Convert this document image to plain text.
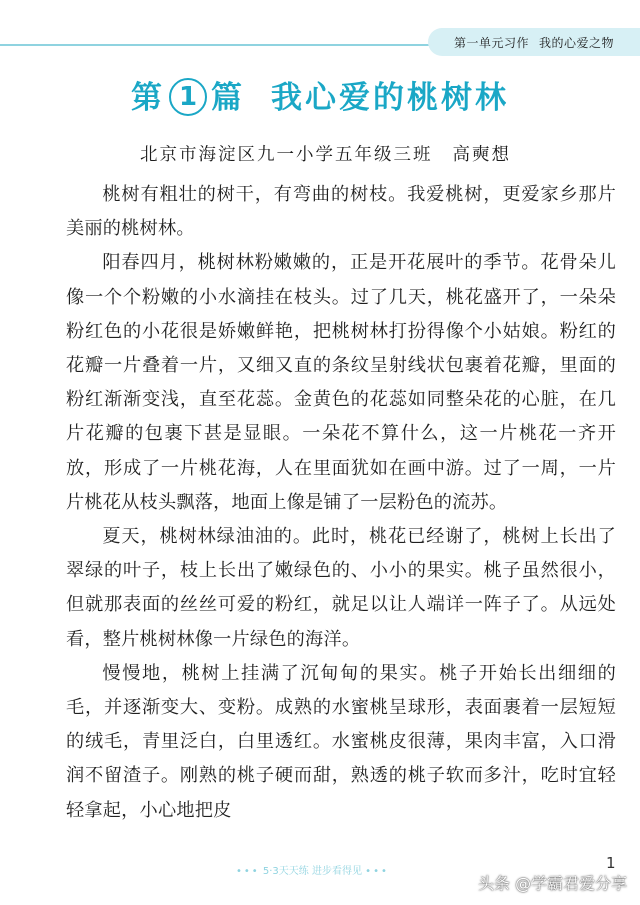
第一单元习作 我的心爱之物
第 1 篇 我心爱的桃树林
北京市海淀区九一小学五年级三班 高奭想

桃树有粗壮的树干，有弯曲的树枝。我爱桃树，更爱家乡那片美丽的桃树林。

阳春四月，桃树林粉嫩嫩的，正是开花展叶的季节。花骨朵儿像一个个粉嫩的小水滴挂在枝头。过了几天，桃花盛开了，一朵朵粉红色的小花很是娇嫩鲜艳，把桃树林打扮得像个小姑娘。粉红的花瓣一片叠着一片，又细又直的条纹呈射线状包裹着花瓣，里面的粉红渐渐变浅，直至花蕊。金黄色的花蕊如同整朵花的心脏，在几片花瓣的包裹下甚是显眼。一朵花不算什么，这一片桃花一齐开放，形成了一片桃花海，人在里面犹如在画中游。过了一周，一片片桃花从枝头飘落，地面上像是铺了一层粉色的流苏。

夏天，桃树林绿油油的。此时，桃花已经谢了，桃树上长出了翠绿的叶子，枝上长出了嫩绿色的、小小的果实。桃子虽然很小，但就那表面的丝丝可爱的粉红，就足以让人端详一阵子了。从远处看，整片桃树林像一片绿色的海洋。

慢慢地，桃树上挂满了沉甸甸的果实。桃子开始长出细细的毛，并逐渐变大、变粉。成熟的水蜜桃呈球形，表面裹着一层短短的绒毛，青里泛白，白里透红。水蜜桃皮很薄，果肉丰富，入口滑润不留渣子。刚熟的桃子硬而甜，熟透的桃子软而多汁，吃时宜轻轻拿起，小心地把皮

••• 5·3天天练 进步看得见 •••	1
头条 @学霸君爱分享
